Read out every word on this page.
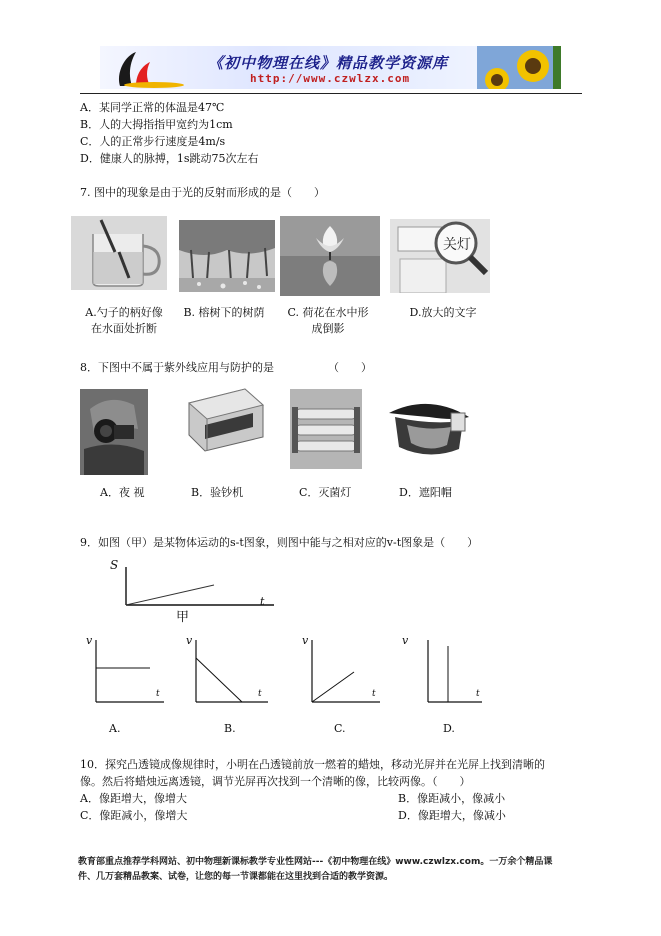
《初中物理在线》精品教学资源库
http://www.czwlzx.com
A．某同学正常的体温是47℃
B．人的大拇指指甲宽约为1cm
C．人的正常步行速度是4m/s
D．健康人的脉搏，1s跳动75次左右
7. 图中的现象是由于光的反射而形成的是（　　）
关灯
A.勺子的柄好像
在水面处折断
B. 榕树下的树荫	C. 荷花在水中形
成倒影
D.放大的文字
8．下图中不属于紫外线应用与防护的是	（　　）
A．夜 视	B．验钞机	C．灭菌灯	D．遮阳帽
9．如图（甲）是某物体运动的s-t图象，则图中能与之相对应的v-t图象是（　　）
S
t
甲
v
t
v
t
v
t
v
t
A.	B.	C.	D.
10．探究凸透镜成像规律时，小明在凸透镜前放一燃着的蜡烛，移动光屏并在光屏上找到清晰的
像。然后将蜡烛远离透镜，调节光屏再次找到一个清晰的像，比较两像。（　　）
A．像距增大，像增大	B．像距减小，像减小
C．像距减小，像增大	D．像距增大，像减小
教育部重点推荐学科网站、初中物理新课标教学专业性网站---《初中物理在线》www.czwlzx.com。一万余个精品课
件、几万套精品教案、试卷，让您的每一节课都能在这里找到合适的教学资源。
